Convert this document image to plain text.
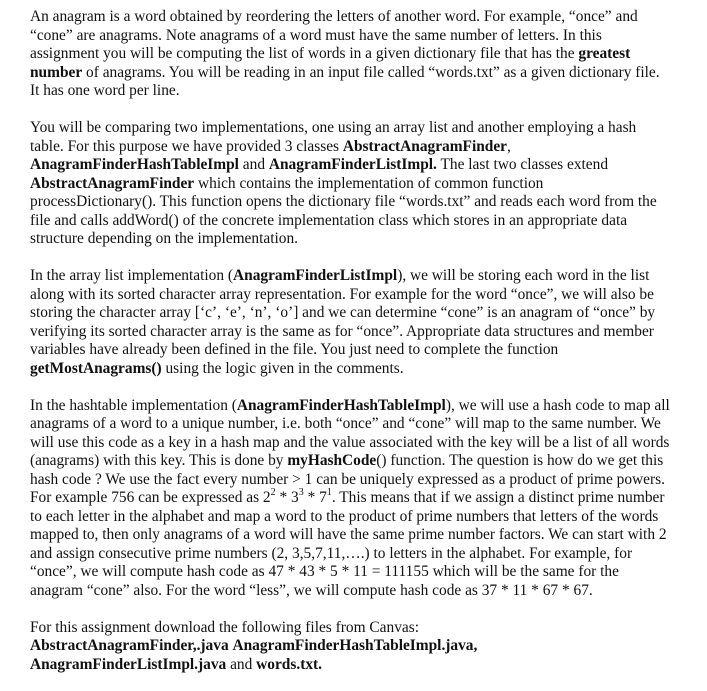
An anagram is a word obtained by reordering the letters of another word. For example, “once” and “cone” are anagrams. Note anagrams of a word must have the same number of letters. In this assignment you will be computing the list of words in a given dictionary file that has the greatest number of anagrams. You will be reading in an input file called “words.txt” as a given dictionary file. It has one word per line.

You will be comparing two implementations, one using an array list and another employing a hash table. For this purpose we have provided 3 classes AbstractAnagramFinder, AnagramFinderHashTableImpl and AnagramFinderListImpl. The last two classes extend AbstractAnagramFinder which contains the implementation of common function processDictionary(). This function opens the dictionary file “words.txt” and reads each word from the file and calls addWord() of the concrete implementation class which stores in an appropriate data structure depending on the implementation.

In the array list implementation (AnagramFinderListImpl), we will be storing each word in the list along with its sorted character array representation. For example for the word “once”, we will also be storing the character array [‘c’, ‘e’, ‘n’, ‘o’] and we can determine “cone” is an anagram of “once” by verifying its sorted character array is the same as for “once”. Appropriate data structures and member variables have already been defined in the file. You just need to complete the function getMostAnagrams() using the logic given in the comments.

In the hashtable implementation (AnagramFinderHashTableImpl), we will use a hash code to map all anagrams of a word to a unique number, i.e. both “once” and “cone” will map to the same number. We will use this code as a key in a hash map and the value associated with the key will be a list of all words (anagrams) with this key. This is done by myHashCode() function. The question is how do we get this hash code ? We use the fact every number > 1 can be uniquely expressed as a product of prime powers. For example 756 can be expressed as $2^2 * 3^3 * 7^1$. This means that if we assign a distinct prime number to each letter in the alphabet and map a word to the product of prime numbers that letters of the words mapped to, then only anagrams of a word will have the same prime number factors. We can start with 2 and assign consecutive prime numbers (2, 3,5,7,11,….) to letters in the alphabet. For example, for “once”, we will compute hash code as 47 * 43 * 5 * 11 = 111155 which will be the same for the anagram “cone” also. For the word “less”, we will compute hash code as 37 * 11 * 67 * 67.

For this assignment download the following files from Canvas:
AbstractAnagramFinder,.java AnagramFinderHashTableImpl.java, AnagramFinderListImpl.java and words.txt.
